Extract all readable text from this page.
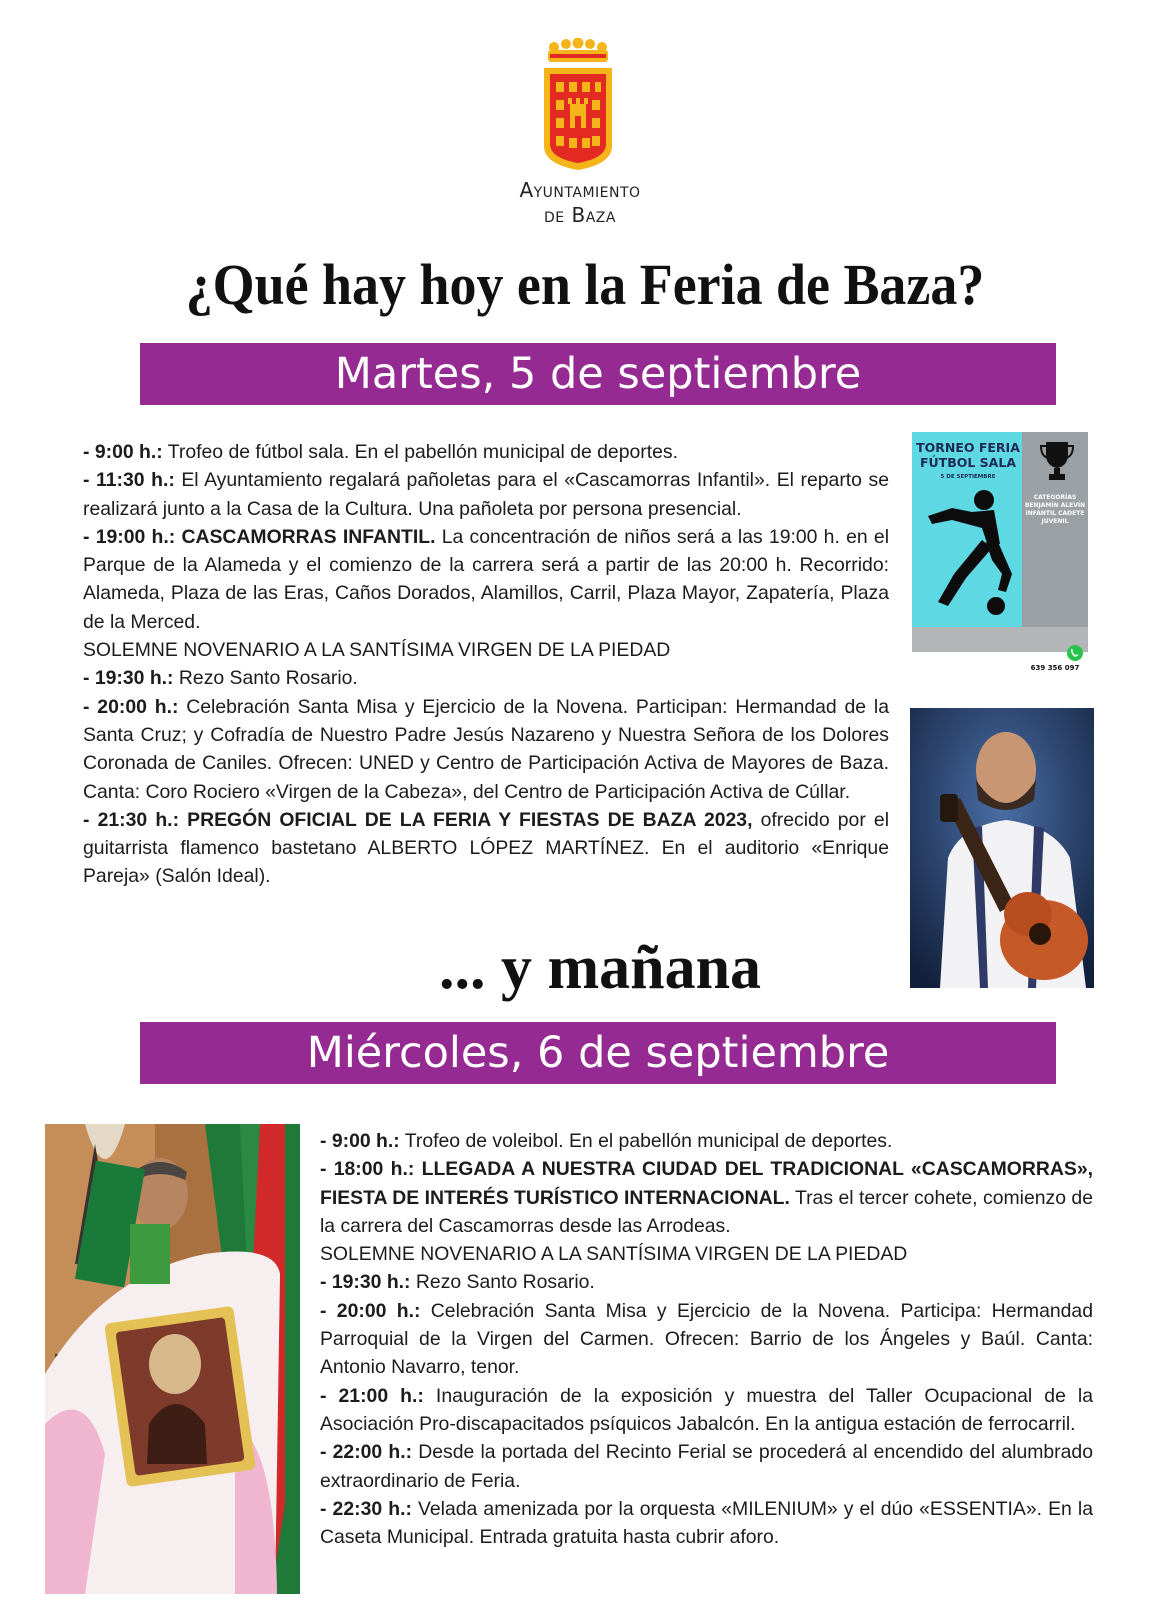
Ayuntamiento
de Baza
¿Qué hay hoy en la Feria de Baza?
Martes, 5 de septiembre

- 9:00 h.: Trofeo de fútbol sala. En el pabellón municipal de deportes.

- 11:30 h.: El Ayuntamiento regalará pañoletas para el «Cascamorras Infantil». El reparto se realizará junto a la Casa de la Cultura. Una pañoleta por persona presencial.

- 19:00 h.: CASCAMORRAS INFANTIL. La concentración de niños será a las 19:00 h. en el Parque de la Alameda y el comienzo de la carrera será a partir de las 20:00 h. Recorrido: Alameda, Plaza de las Eras, Caños Dorados, Alamillos, Carril, Plaza Mayor, Zapatería, Plaza de la Merced.

SOLEMNE NOVENARIO A LA SANTÍSIMA VIRGEN DE LA PIEDAD

- 19:30 h.: Rezo Santo Rosario.

- 20:00 h.: Celebración Santa Misa y Ejercicio de la Novena. Participan: Hermandad de la Santa Cruz; y Cofradía de Nuestro Padre Jesús Nazareno y Nuestra Señora de los Dolores Coronada de Caniles. Ofrecen: UNED y Centro de Participación Activa de Mayores de Baza. Canta: Coro Rociero «Virgen de la Cabeza», del Centro de Participación Activa de Cúllar.

- 21:30 h.: PREGÓN OFICIAL DE LA FERIA Y FIESTAS DE BAZA 2023, ofrecido por el guitarrista flamenco bastetano ALBERTO LÓPEZ MARTÍNEZ. En el auditorio «Enrique Pareja» (Salón Ideal).

TORNEO FERIA FÚTBOL SALA
5 DE SEPTIEMBRE
CATEGORÍAS BENJAMÍN ALEVÍN INFANTIL CADETE JUVENIL
639 356 097
... y mañana
Miércoles, 6 de septiembre

- 9:00 h.: Trofeo de voleibol. En el pabellón municipal de deportes.

- 18:00 h.: LLEGADA A NUESTRA CIUDAD DEL TRADICIONAL «CASCAMORRAS», FIESTA DE INTERÉS TURÍSTICO INTERNACIONAL. Tras el tercer cohete, comienzo de la carrera del Cascamorras desde las Arrodeas.

SOLEMNE NOVENARIO A LA SANTÍSIMA VIRGEN DE LA PIEDAD

- 19:30 h.: Rezo Santo Rosario.

- 20:00 h.: Celebración Santa Misa y Ejercicio de la Novena. Participa: Hermandad Parroquial de la Virgen del Carmen. Ofrecen: Barrio de los Ángeles y Baúl. Canta: Antonio Navarro, tenor.

- 21:00 h.: Inauguración de la exposición y muestra del Taller Ocupacional de la Asociación Pro-discapacitados psíquicos Jabalcón. En la antigua estación de ferrocarril.

- 22:00 h.: Desde la portada del Recinto Ferial se procederá al encendido del alumbrado extraordinario de Feria.

- 22:30 h.: Velada amenizada por la orquesta «MILENIUM» y el dúo «ESSENTIA». En la Caseta Municipal. Entrada gratuita hasta cubrir aforo.
